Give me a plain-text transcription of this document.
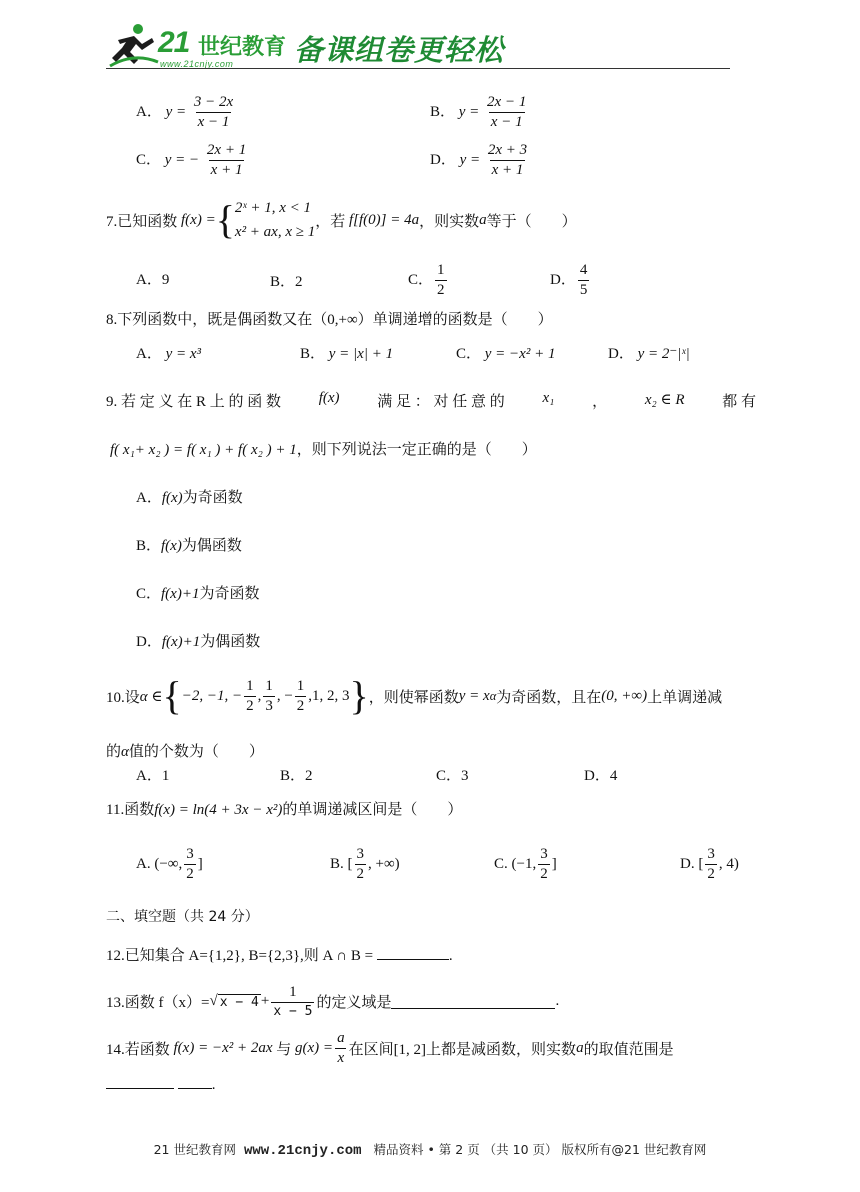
21 世纪教育
www.21cnjy.com 备课组卷更轻松
A． $y = \frac{3 - 2x}{x - 1}$	B． $y = \frac{2x - 1}{x - 1}$
C． y = − $\frac{2x + 1}{x + 1}$	D． $y = \frac{2x + 3}{x + 1}$
7.已知函数
f(x) = { 2ˣ + 1, x < 1
x² + ax, x ≥ 1
，若
f[f(0)] = 4a ，则实数 a 等于（　　）
A．9	B．2	C． $\frac{1}{2}$	D． $\frac{4}{5}$
8.下列函数中，既是偶函数又在（0,+∞）单调递增的函数是（　　）
A． y = x³	B． y = |x| + 1	C． y = −x² + 1	D． y = 2⁻|ˣ|
9. 若 定 义 在 R 上 的 函 数	f(x)	满 足 ： 对 任 意 的	x₁	，	x₂ ∈ R	都 有
f( x₁+ x₂ ) = f( x₁ ) + f( x₂ ) + 1，则下列说法一定正确的是（　　）
A．f(x)为奇函数
B．f(x)为偶函数
C．f(x)+1为奇函数
D．f(x)+1为偶函数
10.设 α ∈ { −2, −1, − $\frac{1}{2}$ , $\frac{1}{3}$ , − $\frac{1}{2}$ , 1, 2, 3 } ，则使幂函数 y = x α 为奇函数，且在 (0, +∞) 上单调递减
的α值的个数为（　　）
A．1	B．2	C．3	D．4
11.函数f(x) = ln(4 + 3x − x²)的单调递减区间是（　　）
A.
(−∞, $\frac{3}{2}$ ]	B.
[ $\frac{3}{2}$ , +∞)	C.
(−1, $\frac{3}{2}$ ]	D.
[ $\frac{3}{2}$ , 4)
二、填空题（共 24 分）
12.已知集合 A={1,2}, B={2,3},则 A ∩ B =	.
13.函数 f（x）= √ $x - 4 + \frac{1}{x - 5}$ 的定义域是	.
14.若函数
f(x) = −x² + 2ax
与
$g(x) = \frac{a}{x}$ 在区间[1, 2]上都是减函数，则实数 a 的取值范围是
.
21 世纪教育网 www.21cnjy.com 精品资料 • 第 2 页 （共 10 页） 版权所有@21 世纪教育网
